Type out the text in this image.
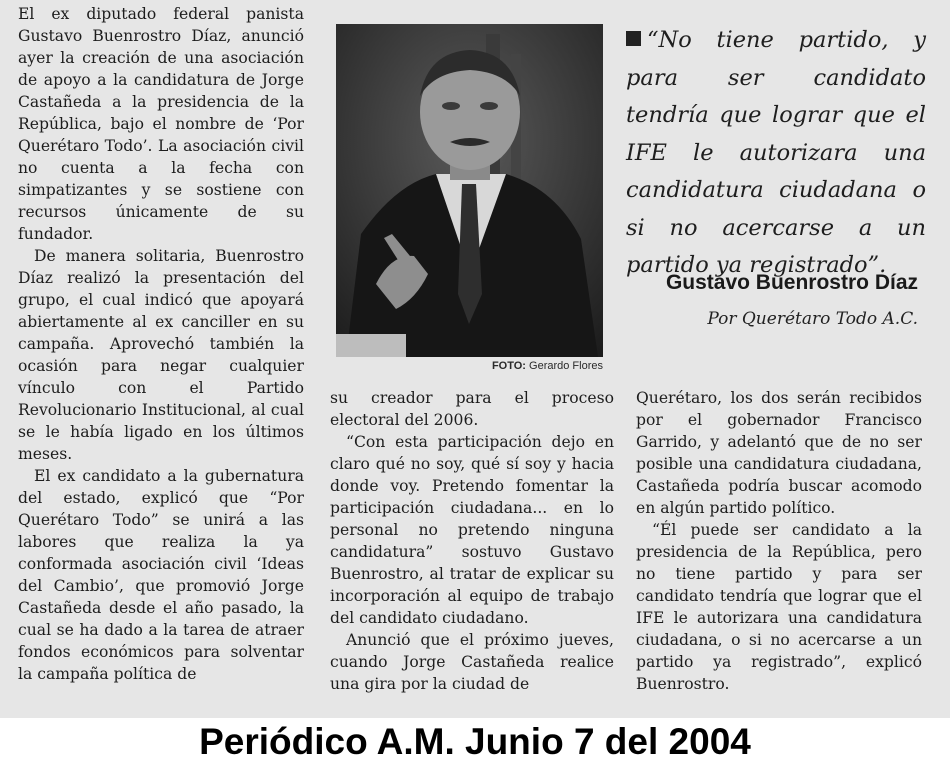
El ex diputado federal panista Gustavo Buenrostro Díaz, anunció ayer la creación de una asociación de apoyo a la candidatura de Jorge Castañeda a la presidencia de la República, bajo el nombre de ‘Por Querétaro Todo’. La asociación civil no cuenta a la fecha con simpatizantes y se sostiene con recursos únicamente de su fundador.

De manera solitaria, Buenrostro Díaz realizó la presentación del grupo, el cual indicó que apoyará abiertamente al ex canciller en su campaña. Aprovechó también la ocasión para negar cualquier vínculo con el Partido Revolucionario Institucional, al cual se le había ligado en los últimos meses.

El ex candidato a la gubernatura del estado, explicó que “Por Querétaro Todo” se unirá a las labores que realiza la ya conformada asociación civil ‘Ideas del Cambio’, que promovió Jorge Castañeda desde el año pasado, la cual se ha dado a la tarea de atraer fondos económicos para solventar la campaña política de

FOTO: Gerardo Flores
“No tiene partido, y para ser candidato tendría que lograr que el IFE le autorizara una candidatura ciudadana o si no acercarse a un partido ya registrado”.
Gustavo Buenrostro Díaz
Por Querétaro Todo A.C.

su creador para el proceso electoral del 2006.

“Con esta participación dejo en claro qué no soy, qué sí soy y hacia donde voy. Pretendo fomentar la participación ciudadana... en lo personal no pretendo ninguna candidatura” sostuvo Gustavo Buenrostro, al tratar de explicar su incorporación al equipo de trabajo del candidato ciudadano.

Anunció que el próximo jueves, cuando Jorge Castañeda realice una gira por la ciudad de

Querétaro, los dos serán recibidos por el gobernador Francisco Garrido, y adelantó que de no ser posible una candidatura ciudadana, Castañeda podría buscar acomodo en algún partido político.

“Él puede ser candidato a la presidencia de la República, pero no tiene partido y para ser candidato tendría que lograr que el IFE le autorizara una candidatura ciudadana, o si no acercarse a un partido ya registrado”, explicó Buenrostro.

Periódico A.M. Junio 7 del 2004
